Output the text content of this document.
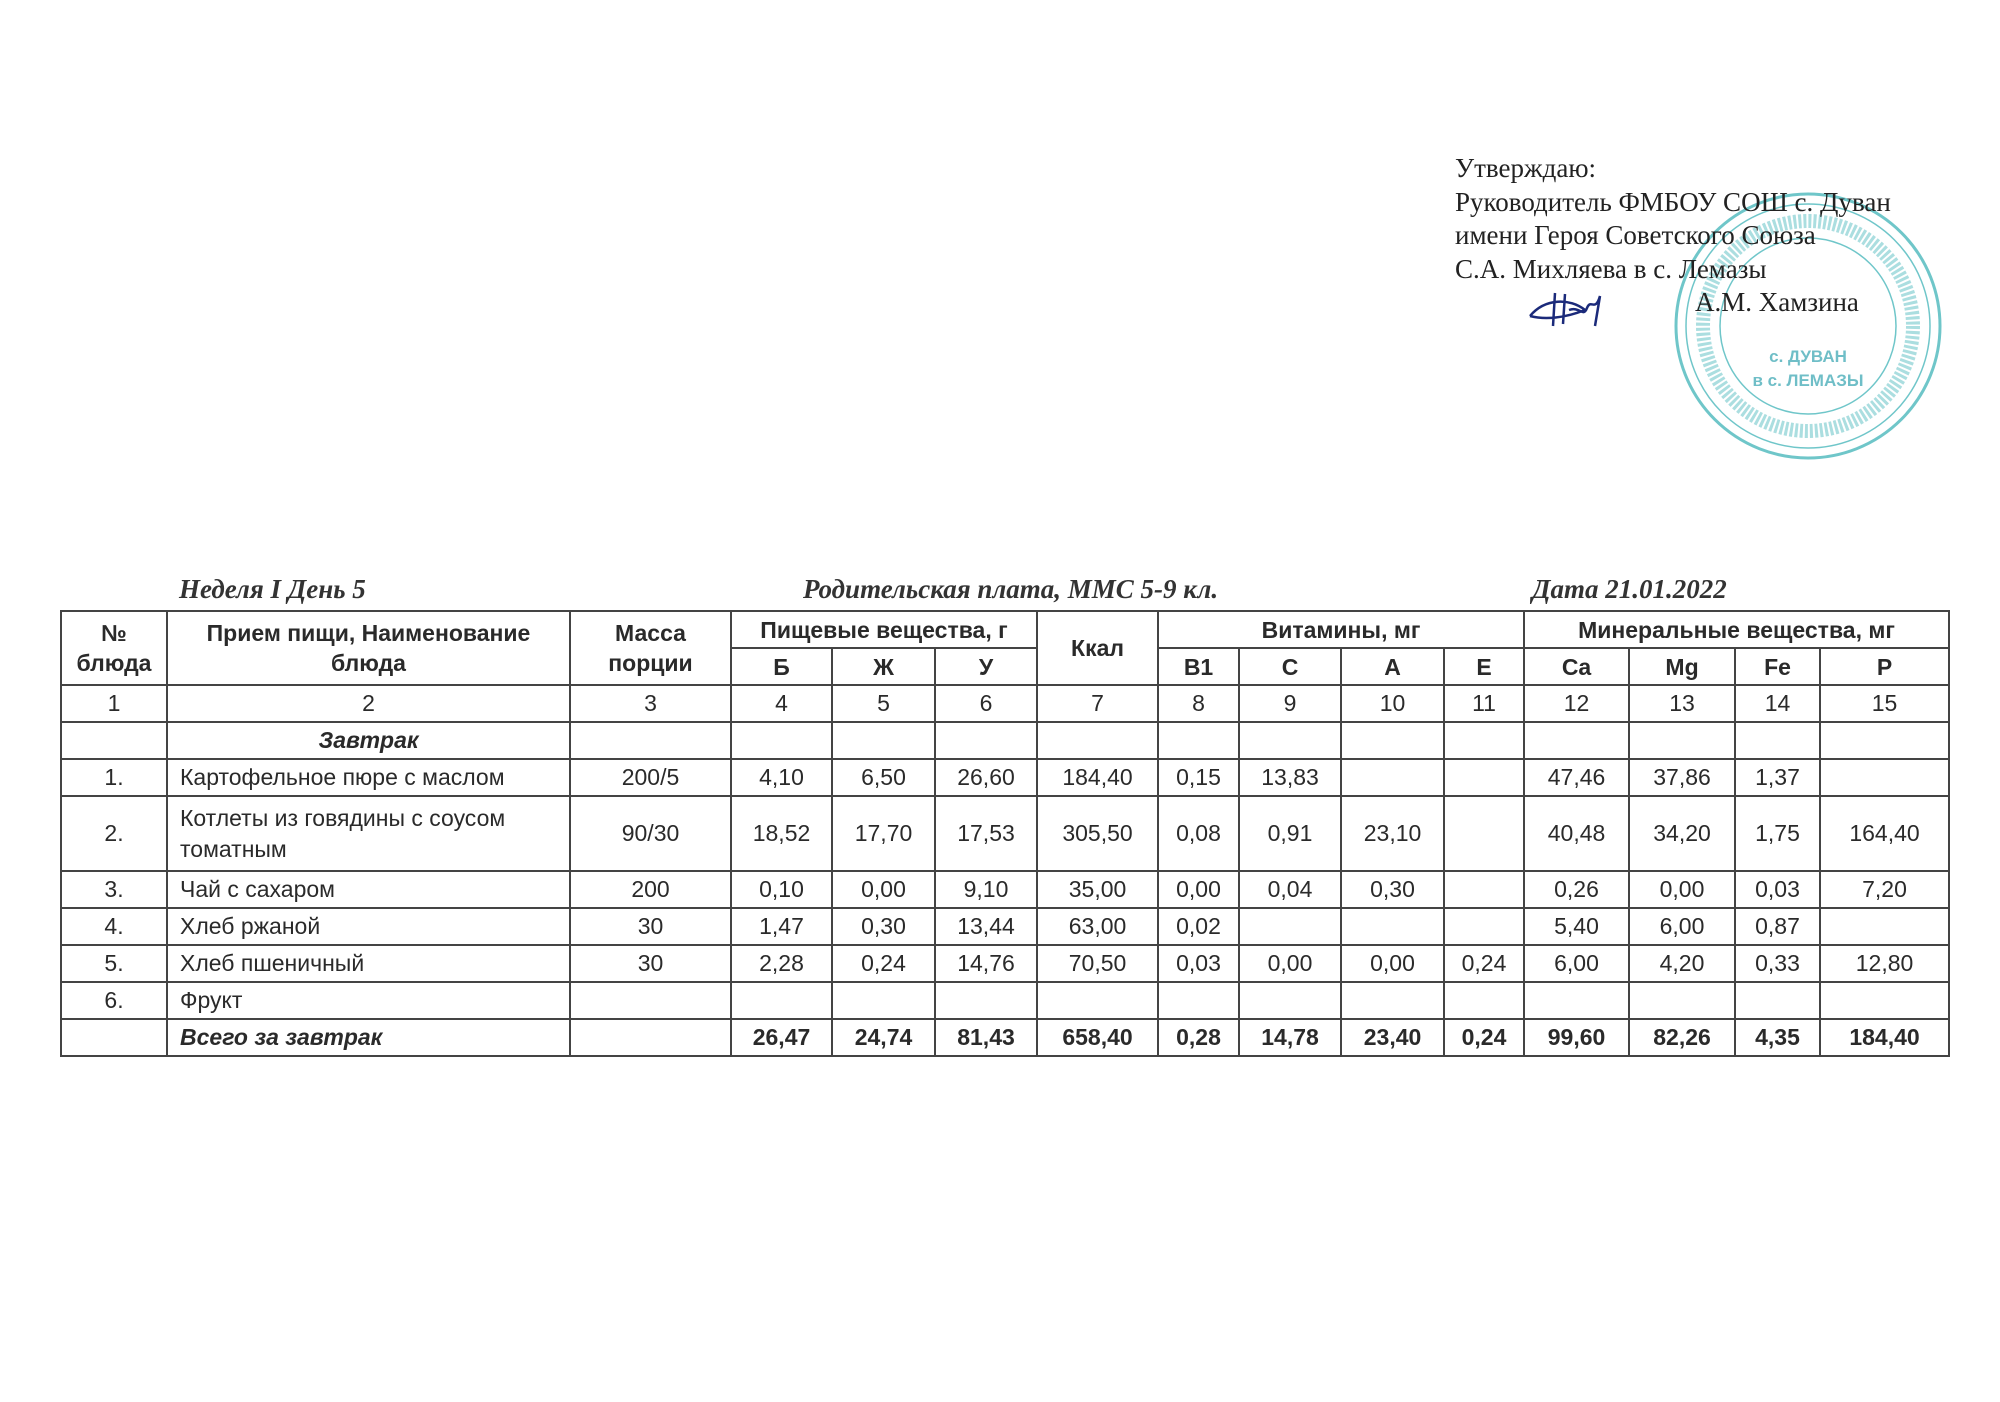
Утверждаю:
Руководитель ФМБОУ СОШ с. Дуван
имени Героя Советского Союза
С.А. Михляева в с. Лемазы
А.М. Хамзина
с. ДУВАН
в с. ЛЕМАЗЫ
Неделя I День 5	Родительская плата, ММС 5-9 кл.	Дата 21.01.2022
№ блюда	Прием пищи, Наименование блюда	Масса порции	Пищевые вещества, г			Ккал	Витамины, мг				Минеральные вещества, мг			
			Б	Ж	У		В1	С	А	Е	Ca	Mg	Fe	P
1	2	3	4	5	6	7	8	9	10	11	12	13	14	15
	Завтрак													
1.	Картофельное пюре с маслом	200/5	4,10	6,50	26,60	184,40	0,15	13,83			47,46	37,86	1,37	
2.	Котлеты из говядины с соусом томатным	90/30	18,52	17,70	17,53	305,50	0,08	0,91	23,10		40,48	34,20	1,75	164,40
3.	Чай с сахаром	200	0,10	0,00	9,10	35,00	0,00	0,04	0,30		0,26	0,00	0,03	7,20
4.	Хлеб ржаной	30	1,47	0,30	13,44	63,00	0,02				5,40	6,00	0,87	
5.	Хлеб пшеничный	30	2,28	0,24	14,76	70,50	0,03	0,00	0,00	0,24	6,00	4,20	0,33	12,80
6.	Фрукт													
	Всего за завтрак		26,47	24,74	81,43	658,40	0,28	14,78	23,40	0,24	99,60	82,26	4,35	184,40
